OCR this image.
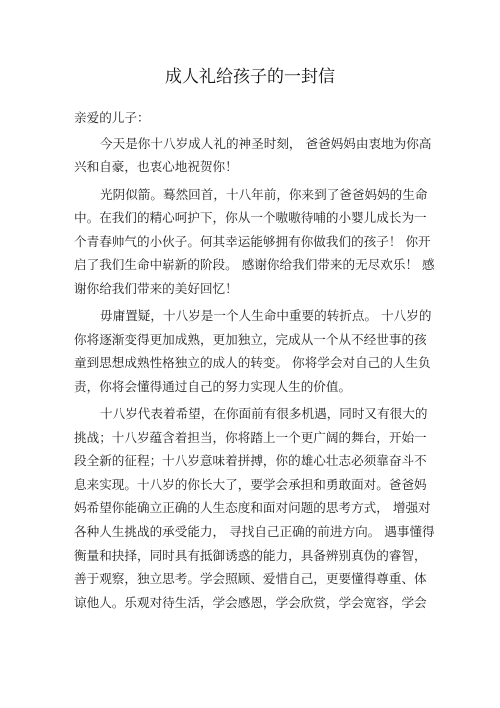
成人礼给孩子的一封信
亲爱的儿子：
今天是你十八岁成人礼的神圣时刻， 爸爸妈妈由衷地为你高
兴和自豪，也衷心地祝贺你！
光阴似箭。蓦然回首，十八年前，你来到了爸爸妈妈的生命
中。在我们的精心呵护下，你从一个嗷嗷待哺的小婴儿成长为一
个青春帅气的小伙子。何其幸运能够拥有你做我们的孩子！ 你开
启了我们生命中崭新的阶段。 感谢你给我们带来的无尽欢乐！ 感
谢你给我们带来的美好回忆！
毋庸置疑，十八岁是一个人生命中重要的转折点。 十八岁的
你将逐渐变得更加成熟，更加独立，完成从一个从不经世事的孩
童到思想成熟性格独立的成人的转变。 你将学会对自己的人生负
责，你将会懂得通过自己的努力实现人生的价值。
十八岁代表着希望，在你面前有很多机遇，同时又有很大的
挑战；十八岁蕴含着担当，你将踏上一个更广阔的舞台，开始一
段全新的征程；十八岁意味着拼搏，你的雄心壮志必须靠奋斗不
息来实现。十八岁的你长大了，要学会承担和勇敢面对。爸爸妈
妈希望你能确立正确的人生态度和面对问题的思考方式， 增强对
各种人生挑战的承受能力， 寻找自己正确的前进方向。 遇事懂得
衡量和抉择，同时具有抵御诱惑的能力，具备辨别真伪的睿智，
善于观察，独立思考。学会照顾、爱惜自己，更要懂得尊重、体
谅他人。乐观对待生活，学会感恩，学会欣赏，学会宽容，学会
